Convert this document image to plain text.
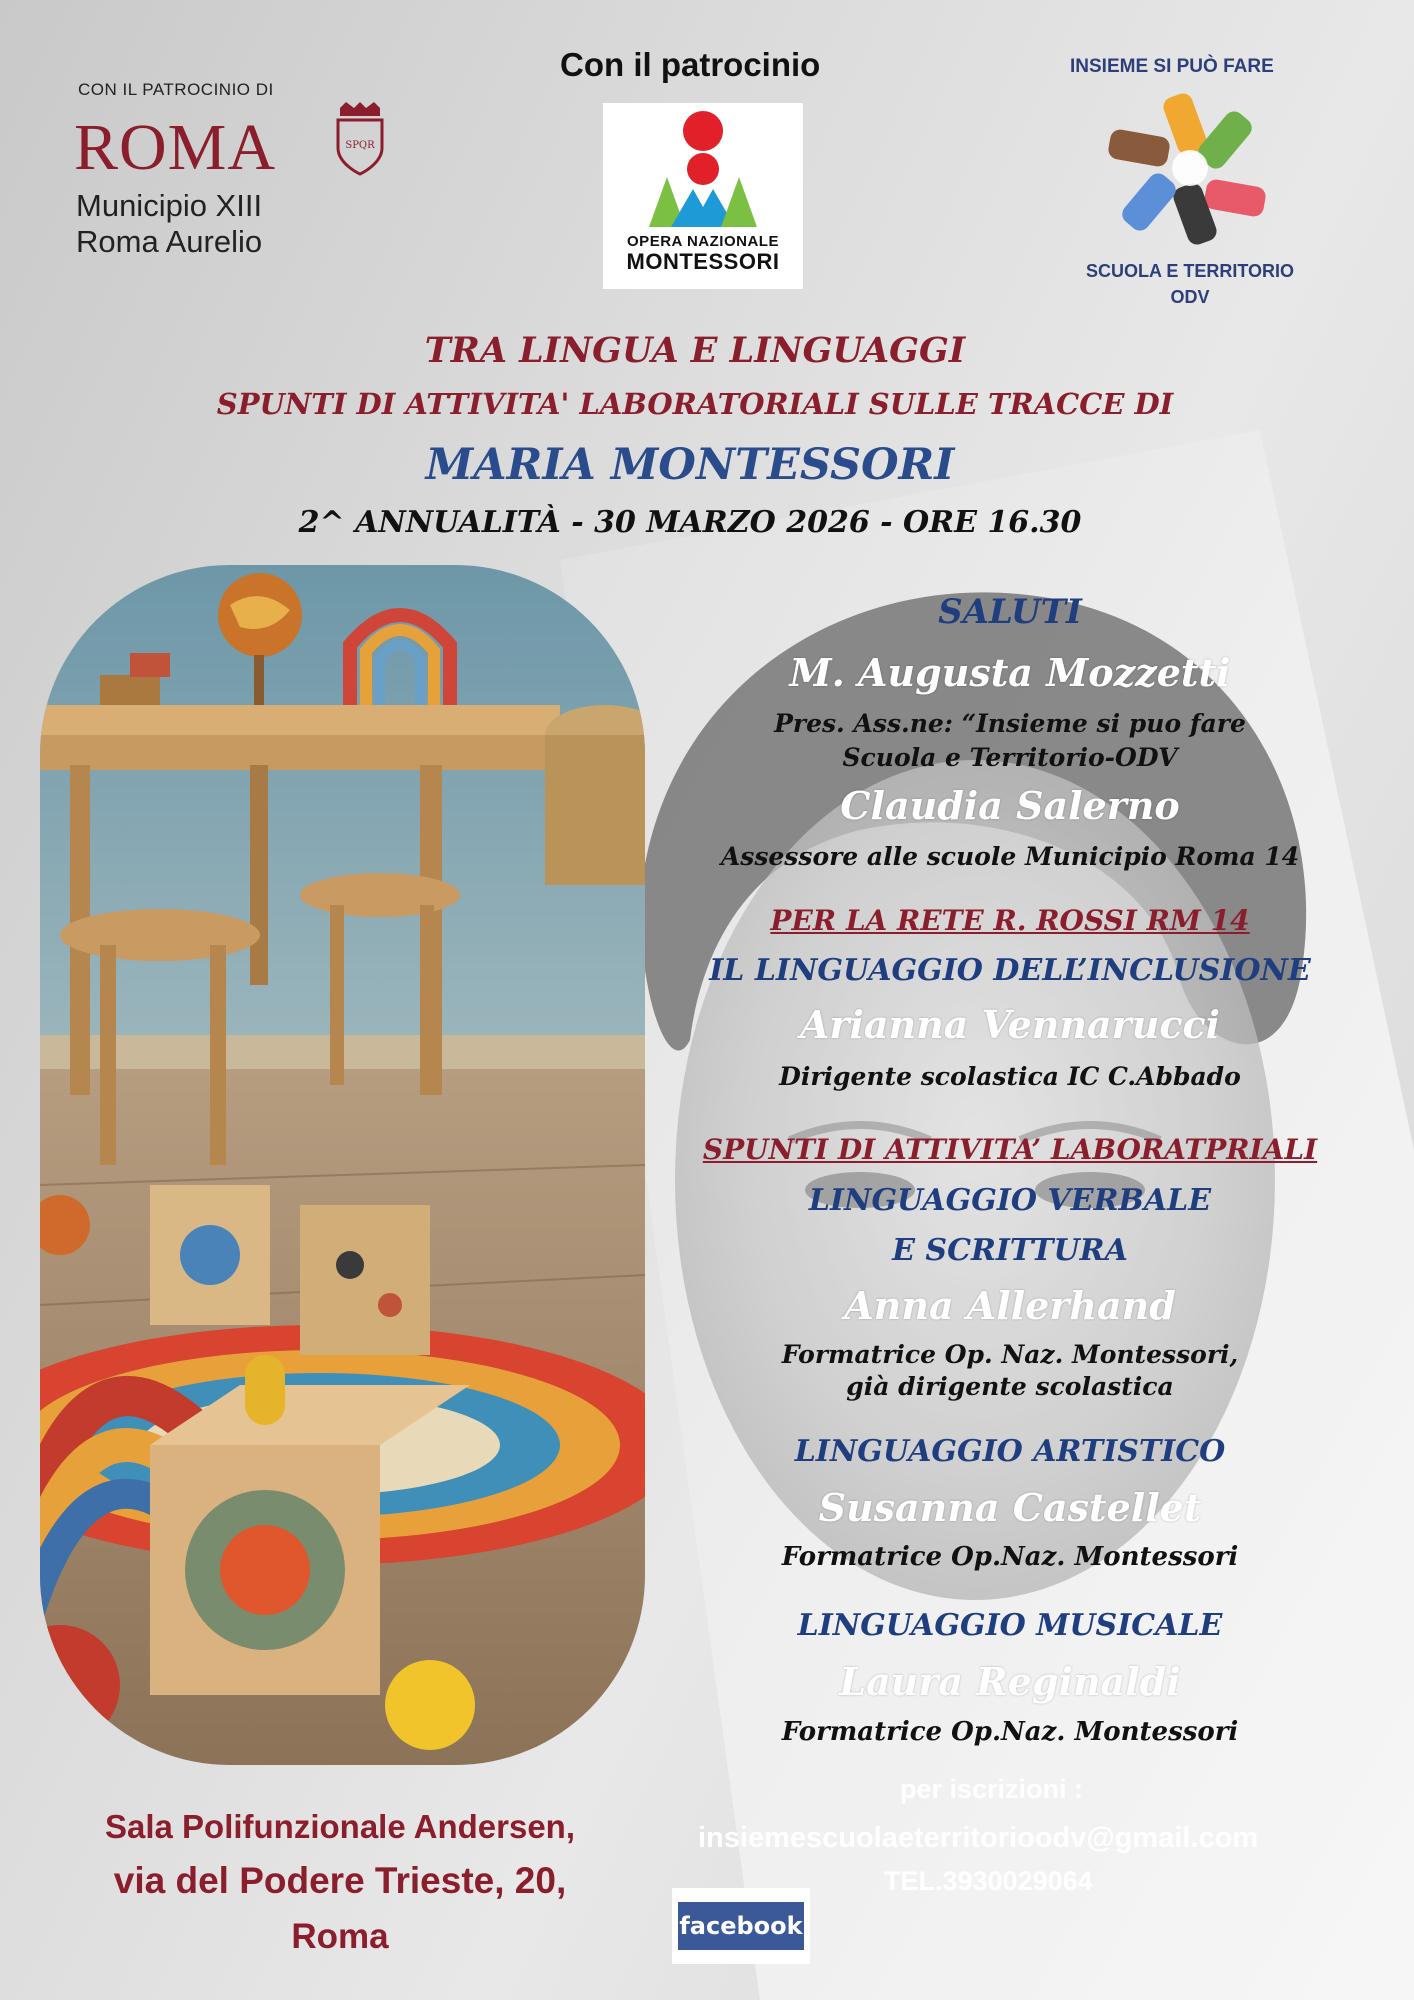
CON IL PATROCINIO DI
ROMA
Municipio XIII
Roma Aurelio
SPQR
Con il patrocinio
OPERA NAZIONALE
MONTESSORI
INSIEME SI PUÒ FARE
SCUOLA E TERRITORIO
ODV
TRA LINGUA E LINGUAGGI
SPUNTI DI ATTIVITA' LABORATORIALI SULLE TRACCE DI
MARIA MONTESSORI
2^ ANNUALITÀ - 30 MARZO 2026 - ORE 16.30
SALUTI
M. Augusta Mozzetti
Pres. Ass.ne: “Insieme si puo fare
Scuola e Territorio-ODV
Claudia Salerno
Assessore alle scuole Municipio Roma 14
PER LA RETE R. ROSSI RM 14
IL LINGUAGGIO DELL’INCLUSIONE
Arianna Vennarucci
Dirigente scolastica IC C.Abbado
SPUNTI DI ATTIVITA’ LABORATPRIALI
LINGUAGGIO VERBALE
E SCRITTURA
Anna Allerhand
Formatrice Op. Naz. Montessori,
già dirigente scolastica
LINGUAGGIO ARTISTICO
Susanna Castellet
Formatrice Op.Naz. Montessori
LINGUAGGIO MUSICALE
Laura Reginaldi
Formatrice Op.Naz. Montessori
Sala Polifunzionale Andersen,
via del Podere Trieste, 20,
Roma
per iscrizioni :
insiemescuolaeterritorioodv@gmail.com
TEL.3930029064
facebook
